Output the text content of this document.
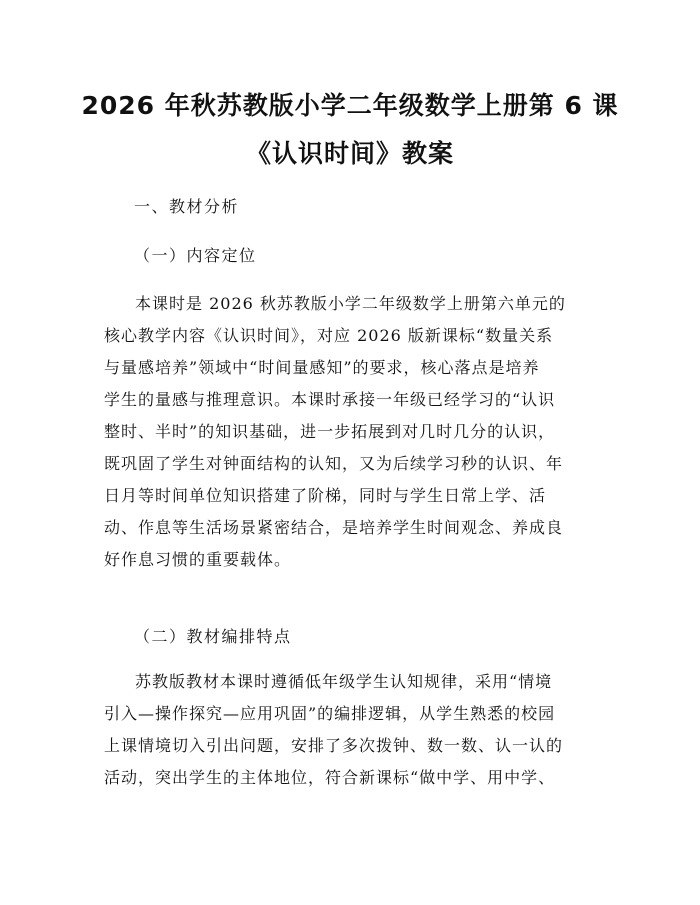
2026 年秋苏教版小学二年级数学上册第 6 课
《认识时间》教案
一、教材分析
（一）内容定位
本课时是 2026 秋苏教版小学二年级数学上册第六单元的
核心教学内容《认识时间》，对应 2026 版新课标“数量关系
与量感培养”领域中“时间量感知”的要求，核心落点是培养
学生的量感与推理意识。本课时承接一年级已经学习的“认识
整时、半时”的知识基础，进一步拓展到对几时几分的认识，
既巩固了学生对钟面结构的认知，又为后续学习秒的认识、年
日月等时间单位知识搭建了阶梯，同时与学生日常上学、活
动、作息等生活场景紧密结合，是培养学生时间观念、养成良
好作息习惯的重要载体。
（二）教材编排特点
苏教版教材本课时遵循低年级学生认知规律，采用“情境
引入—操作探究—应用巩固”的编排逻辑，从学生熟悉的校园
上课情境切入引出问题，安排了多次拨钟、数一数、认一认的
活动，突出学生的主体地位，符合新课标“做中学、用中学、
